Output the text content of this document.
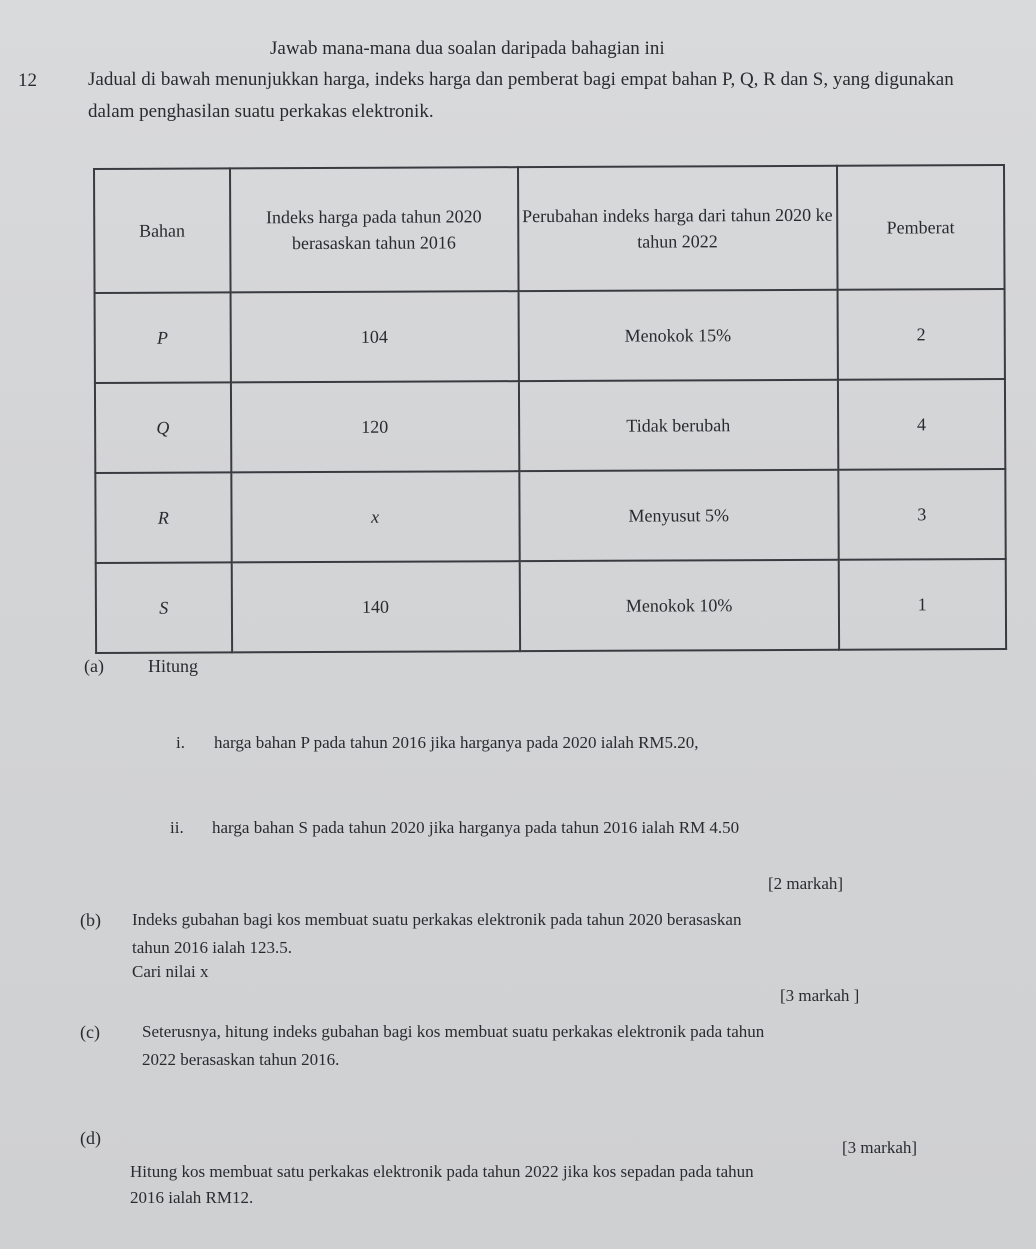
Jawab mana-mana dua soalan daripada bahagian ini
12	Jadual di bawah menunjukkan harga, indeks harga dan pemberat bagi empat bahan P, Q, R dan S, yang digunakan dalam penghasilan suatu perkakas elektronik.
Bahan	Indeks harga pada tahun 2020 berasaskan tahun 2016	Perubahan indeks harga dari tahun 2020 ke tahun 2022	Pemberat
P	104	Menokok 15%	2
Q	120	Tidak berubah	4
R	x	Menyusut 5%	3
S	140	Menokok 10%	1
(a) Hitung
i. harga bahan P pada tahun 2016 jika harganya pada 2020 ialah RM5.20,
ii. harga bahan S pada tahun 2020 jika harganya pada tahun 2016 ialah RM 4.50
[2 markah]
(b) Indeks gubahan bagi kos membuat suatu perkakas elektronik pada tahun 2020 berasaskan
tahun 2016 ialah 123.5.
Cari nilai x
[3 markah ]
(c) Seterusnya, hitung indeks gubahan bagi kos membuat suatu perkakas elektronik pada tahun
2022 berasaskan tahun 2016.
[3 markah]
(d)
Hitung kos membuat satu perkakas elektronik pada tahun 2022 jika kos sepadan pada tahun
2016 ialah RM12.
